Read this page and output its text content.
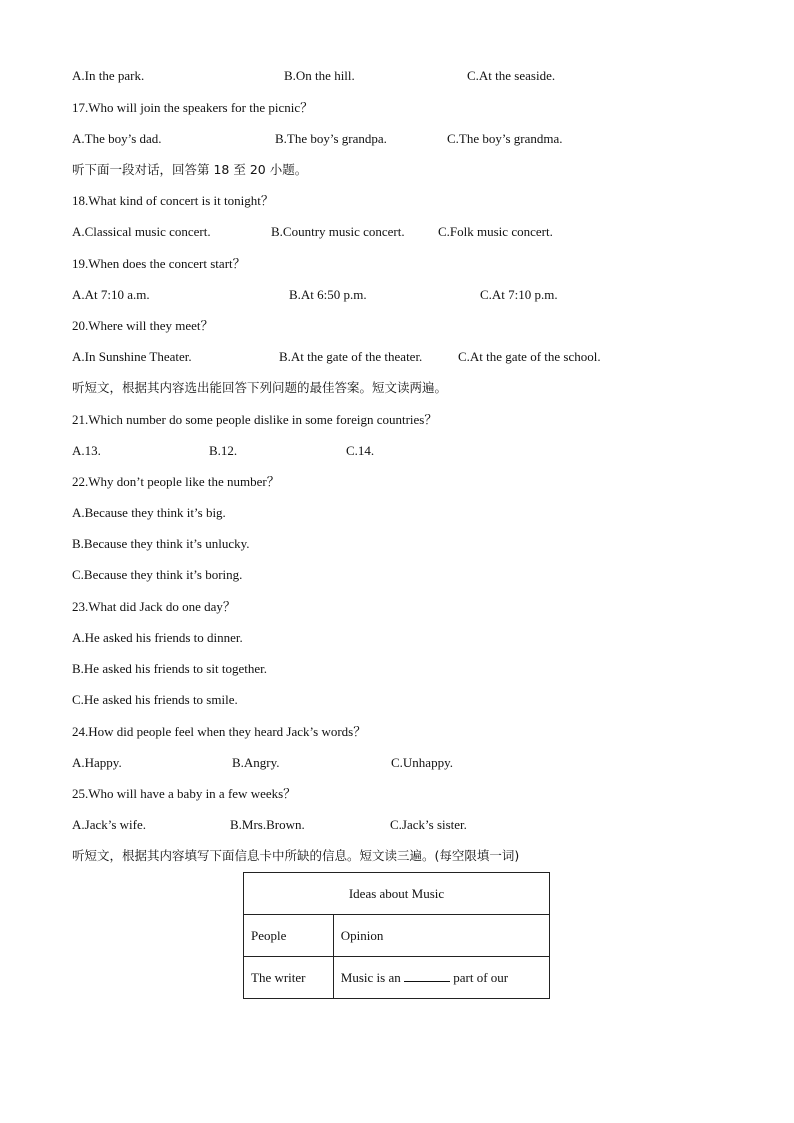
A.In the park.	B.On the hill.	C.At the seaside.
17.Who will join the speakers for the picnic？
A.The boy’s dad.	B.The boy’s grandpa.	C.The boy’s grandma.
听下面一段对话，回答第 18 至 20 小题。
18.What kind of concert is it tonight？
A.Classical music concert.	B.Country music concert.	C.Folk music concert.
19.When does the concert start？
A.At 7:10 a.m.	B.At 6:50 p.m.	C.At 7:10 p.m.
20.Where will they meet？
A.In Sunshine Theater.	B.At the gate of the theater.	C.At the gate of the school.
听短文，根据其内容选出能回答下列问题的最佳答案。短文读两遍。
21.Which number do some people dislike in some foreign countries？
A.13.	B.12.	C.14.
22.Why don’t people like the number？
A.Because they think it’s big.
B.Because they think it’s unlucky.
C.Because they think it’s boring.
23.What did Jack do one day？
A.He asked his friends to dinner.
B.He asked his friends to sit together.
C.He asked his friends to smile.
24.How did people feel when they heard Jack’s words？
A.Happy.	B.Angry.	C.Unhappy.
25.Who will have a baby in a few weeks？
A.Jack’s wife.	B.Mrs.Brown.	C.Jack’s sister.
听短文，根据其内容填写下面信息卡中所缺的信息。短文读三遍。(每空限填一词)
Ideas about Music	
People	Opinion
The writer	Music is an part of our
